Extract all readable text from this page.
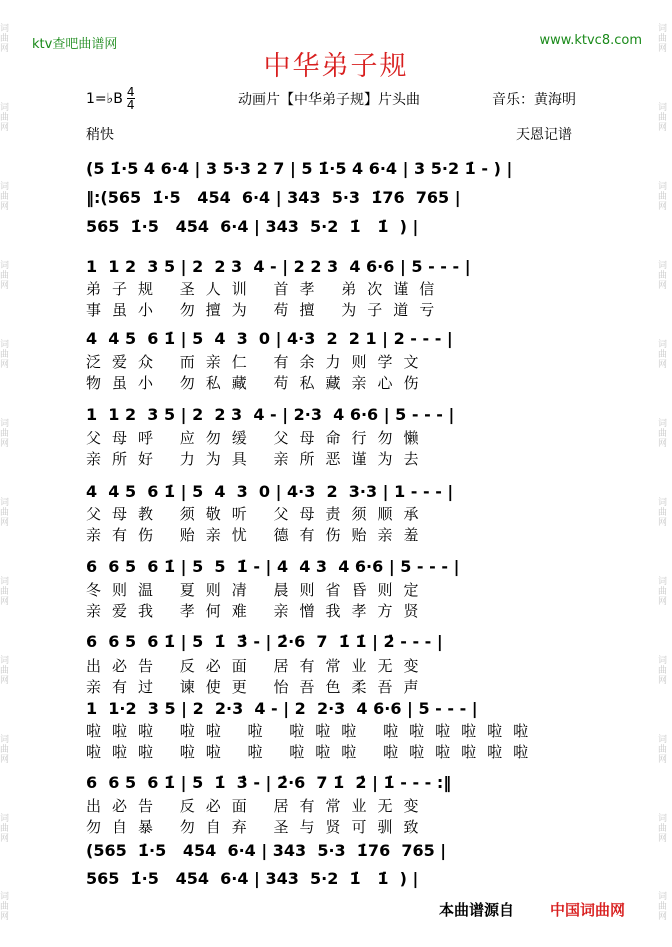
词曲网
词曲网
词曲网
词曲网
词曲网
词曲网
词曲网
词曲网
词曲网
词曲网
词曲网
词曲网
词曲网
词曲网
词曲网
词曲网
词曲网
词曲网
词曲网
词曲网
词曲网
词曲网
词曲网
词曲网
ktv查吧曲谱网	www.ktvc8.com
中华弟子规
1=♭B $\frac{4}{4}$	动画片【中华弟子规】片头曲	音乐：黄海明
稍快	天恩记谱
(5 1̇·5 4 6·4 | 3 5·3 2 7 | 5 1̇·5 4 6·4 | 3 5·2 1̇ - ) |
‖:(565  1̇·5   454  6·4 | 343  5·3  1̇76  765 |
565  1̇·5   454  6·4 | 343  5·2  1̇   1̇  ) |
1  1 2  3 5 | 2  2 3  4 - | 2 2 3  4 6·6 | 5 - - - |
弟子规 圣人训 首孝 弟次谨信
事虽小 勿擅为 苟擅 为子道亏
4  4 5  6 1̇ | 5  4  3  0 | 4·3  2  2 1 | 2 - - - |
泛爱众 而亲仁 有余力则学文
物虽小 勿私藏 苟私藏亲心伤
1  1 2  3 5 | 2  2 3  4 - | 2·3  4 6·6 | 5 - - - |
父母呼 应勿缓 父母命行勿懒
亲所好 力为具 亲所恶谨为去
4  4 5  6 1̇ | 5  4  3  0 | 4·3  2  3·3 | 1 - - - |
父母教 须敬听 父母责须顺承
亲有伤 贻亲忧 德有伤贻亲羞
6  6 5  6 1̇ | 5  5  1̇ - | 4  4 3  4 6·6 | 5 - - - |
冬则温 夏则凊 晨则省昏则定
亲爱我 孝何难 亲憎我孝方贤
6  6 5  6 1̇ | 5  1̇  3̇ - | 2̇·6  7  1̇ 1̇ | 2̇ - - - |
出必告 反必面 居有常业无变
亲有过 谏使更 怡吾色柔吾声
1  1·2  3 5 | 2  2·3  4 - | 2  2·3  4 6·6 | 5 - - - |
啦啦啦 啦啦 啦 啦啦啦 啦啦啦啦啦啦
啦啦啦 啦啦 啦 啦啦啦 啦啦啦啦啦啦
6  6 5  6 1̇ | 5  1̇  3̇ - | 2̇·6  7 1̇  2̇ | 1̇ - - - :‖
出必告 反必面 居有常业无变
勿自暴 勿自弃 圣与贤可驯致
(565  1̇·5   454  6·4 | 343  5·3  1̇76  765 |
565  1̇·5   454  6·4 | 343  5·2  1̇   1̇  ) |
本曲谱源自 中国词曲网
